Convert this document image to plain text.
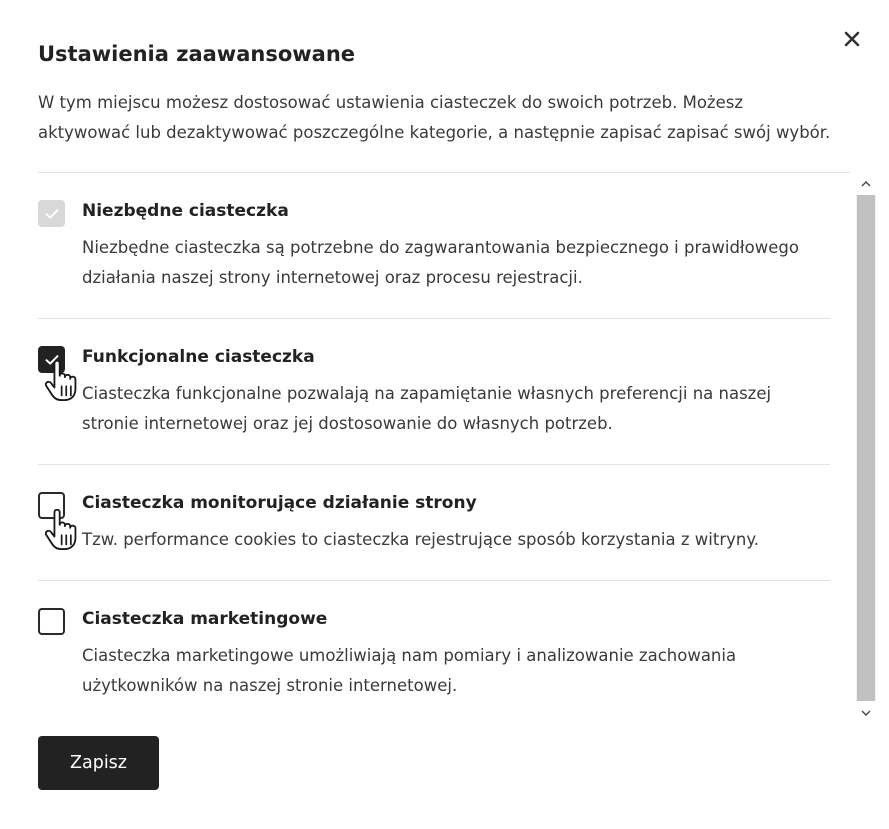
Ustawienia zaawansowane

W tym miejscu możesz dostosować ustawienia ciasteczek do swoich potrzeb. Możesz aktywować lub dezaktywować poszczególne kategorie, a następnie zapisać zapisać swój wybór.

Niezbędne ciasteczka

Niezbędne ciasteczka są potrzebne do zagwarantowania bezpiecznego i prawidłowego działania naszej strony internetowej oraz procesu rejestracji.

Funkcjonalne ciasteczka

Ciasteczka funkcjonalne pozwalają na zapamiętanie własnych preferencji na naszej stronie internetowej oraz jej dostosowanie do własnych potrzeb.

Ciasteczka monitorujące działanie strony

Tzw. performance cookies to ciasteczka rejestrujące sposób korzystania z witryny.

Ciasteczka marketingowe

Ciasteczka marketingowe umożliwiają nam pomiary i analizowanie zachowania użytkowników na naszej stronie internetowej.

Zapisz
